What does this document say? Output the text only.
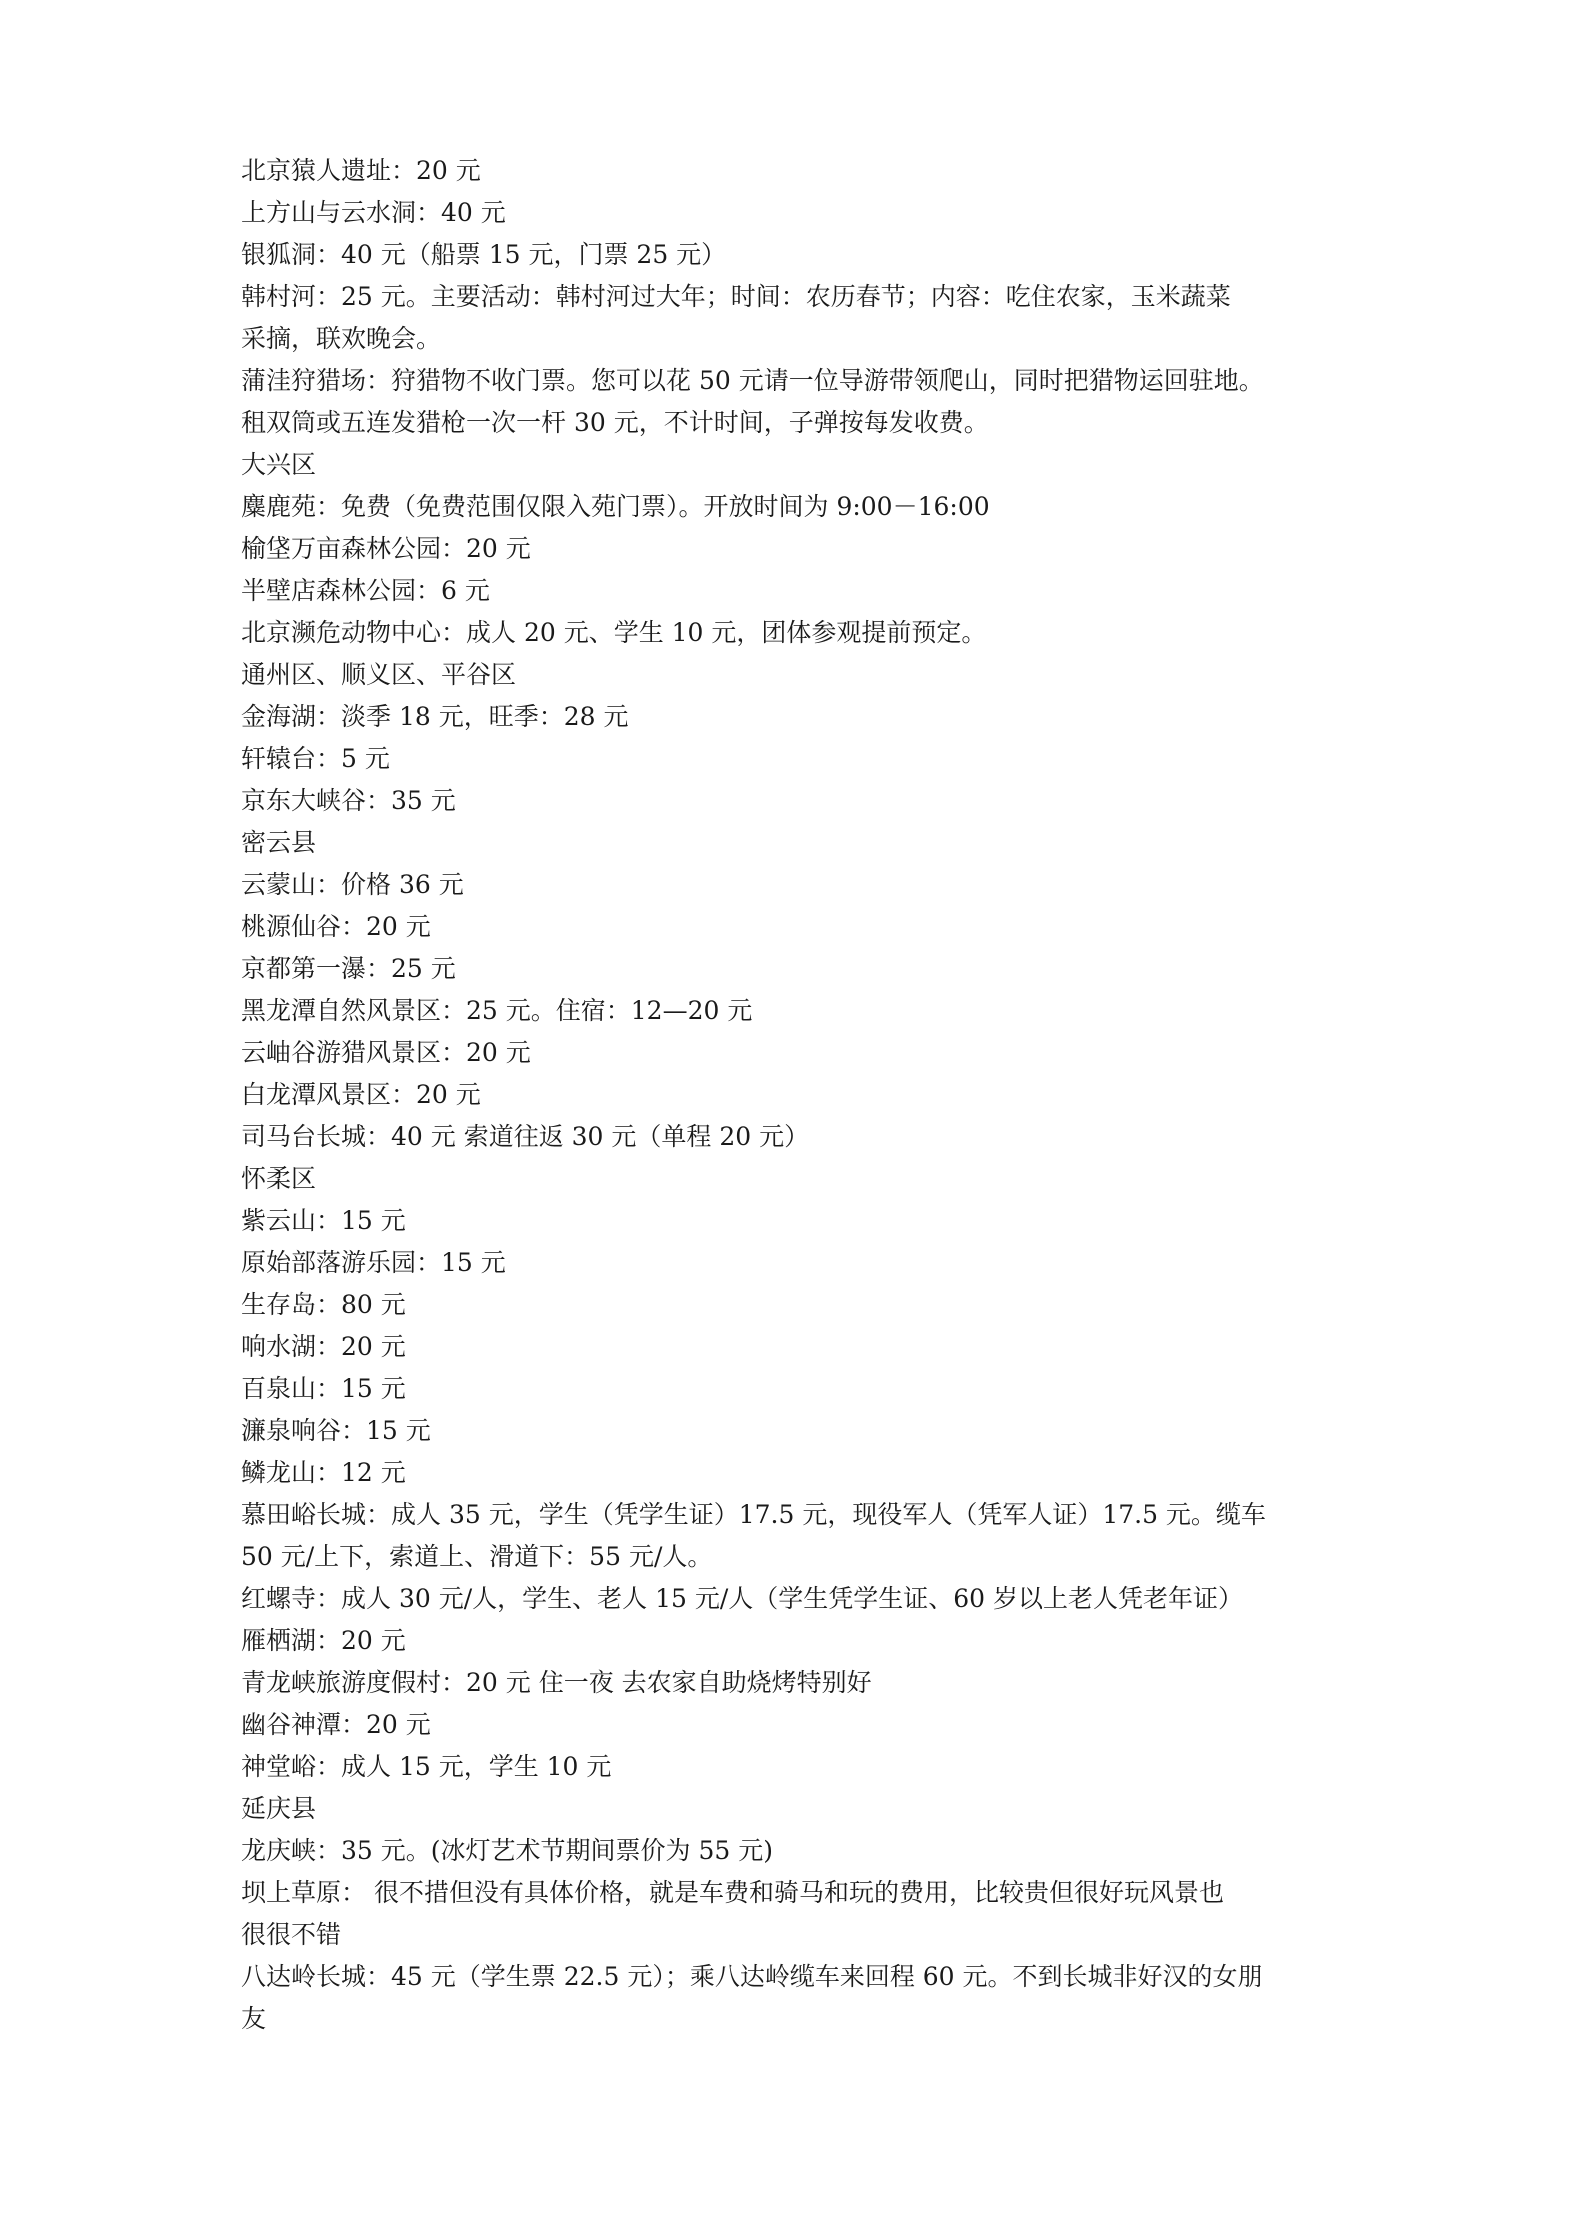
北京猿人遗址：20 元
上方山与云水洞：40 元
银狐洞：40 元（船票 15 元，门票 25 元）
韩村河：25 元。主要活动：韩村河过大年；时间：农历春节；内容：吃住农家，玉米蔬菜
采摘，联欢晚会。
蒲洼狩猎场：狩猎物不收门票。您可以花 50 元请一位导游带领爬山，同时把猎物运回驻地。
租双筒或五连发猎枪一次一杆 30 元，不计时间，子弹按每发收费。
大兴区
麋鹿苑：免费（免费范围仅限入苑门票）。开放时间为 9:00－16:00
榆垡万亩森林公园：20 元
半壁店森林公园：6 元
北京濒危动物中心：成人 20 元、学生 10 元，团体参观提前预定。
通州区、顺义区、平谷区
金海湖：淡季 18 元，旺季：28 元
轩辕台：5 元
京东大峡谷：35 元
密云县
云蒙山：价格 36 元
桃源仙谷：20 元
京都第一瀑：25 元
黑龙潭自然风景区：25 元。住宿：12—20 元
云岫谷游猎风景区：20 元
白龙潭风景区：20 元
司马台长城：40 元 索道往返 30 元（单程 20 元）
怀柔区
紫云山：15 元
原始部落游乐园：15 元
生存岛：80 元
响水湖：20 元
百泉山：15 元
濂泉响谷：15 元
鳞龙山：12 元
慕田峪长城：成人 35 元，学生（凭学生证）17.5 元，现役军人（凭军人证）17.5 元。缆车
50 元/上下，索道上、滑道下：55 元/人。
红螺寺：成人 30 元/人，学生、老人 15 元/人（学生凭学生证、60 岁以上老人凭老年证）
雁栖湖：20 元
青龙峡旅游度假村：20 元 住一夜 去农家自助烧烤特别好
幽谷神潭：20 元
神堂峪：成人 15 元，学生 10 元
延庆县
龙庆峡：35 元。(冰灯艺术节期间票价为 55 元)
坝上草原： 很不措但没有具体价格，就是车费和骑马和玩的费用，比较贵但很好玩风景也
很很不错
八达岭长城：45 元（学生票 22.5 元）；乘八达岭缆车来回程 60 元。不到长城非好汉的女朋
友
